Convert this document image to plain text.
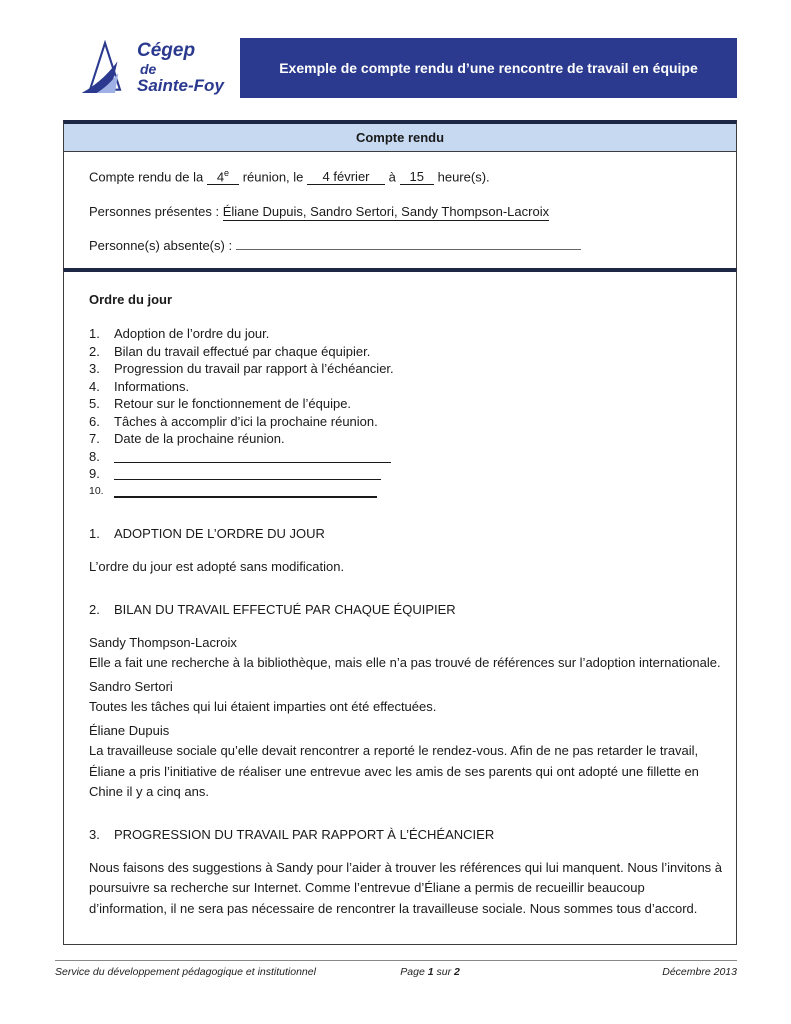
Cégep
de
Sainte-Foy
Exemple de compte rendu d’une rencontre de travail en équipe
Compte rendu

Compte rendu de la 4e réunion, le 4 février à 15 heure(s).

Personnes présentes : Éliane Dupuis, Sandro Sertori, Sandy Thompson-Lacroix

Personne(s) absente(s) :

Ordre du jour

1.	Adoption de l’ordre du jour.
2.	Bilan du travail effectué par chaque équipier.
3.	Progression du travail par rapport à l’échéancier.
4.	Informations.
5.	Retour sur le fonctionnement de l’équipe.
6.	Tâches à accomplir d’ici la prochaine réunion.
7.	Date de la prochaine réunion.
8.
9.
10.

1.	ADOPTION DE L’ORDRE DU JOUR

L’ordre du jour est adopté sans modification.

2.	BILAN DU TRAVAIL EFFECTUÉ PAR CHAQUE ÉQUIPIER

Sandy Thompson-Lacroix

Elle a fait une recherche à la bibliothèque, mais elle n’a pas trouvé de références sur l’adoption internationale.

Sandro Sertori

Toutes les tâches qui lui étaient imparties ont été effectuées.

Éliane Dupuis

La travailleuse sociale qu’elle devait rencontrer a reporté le rendez-vous. Afin de ne pas retarder le travail, Éliane a pris l’initiative de réaliser une entrevue avec les amis de ses parents qui ont adopté une fillette en Chine il y a cinq ans.

3.	PROGRESSION DU TRAVAIL PAR RAPPORT À L’ÉCHÉANCIER

Nous faisons des suggestions à Sandy pour l’aider à trouver les références qui lui manquent. Nous l’invitons à poursuivre sa recherche sur Internet. Comme l’entrevue d’Éliane a permis de recueillir beaucoup d’information, il ne sera pas nécessaire de rencontrer la travailleuse sociale. Nous sommes tous d’accord.

Service du développement pédagogique et institutionnel	Page 1 sur 2	Décembre 2013
